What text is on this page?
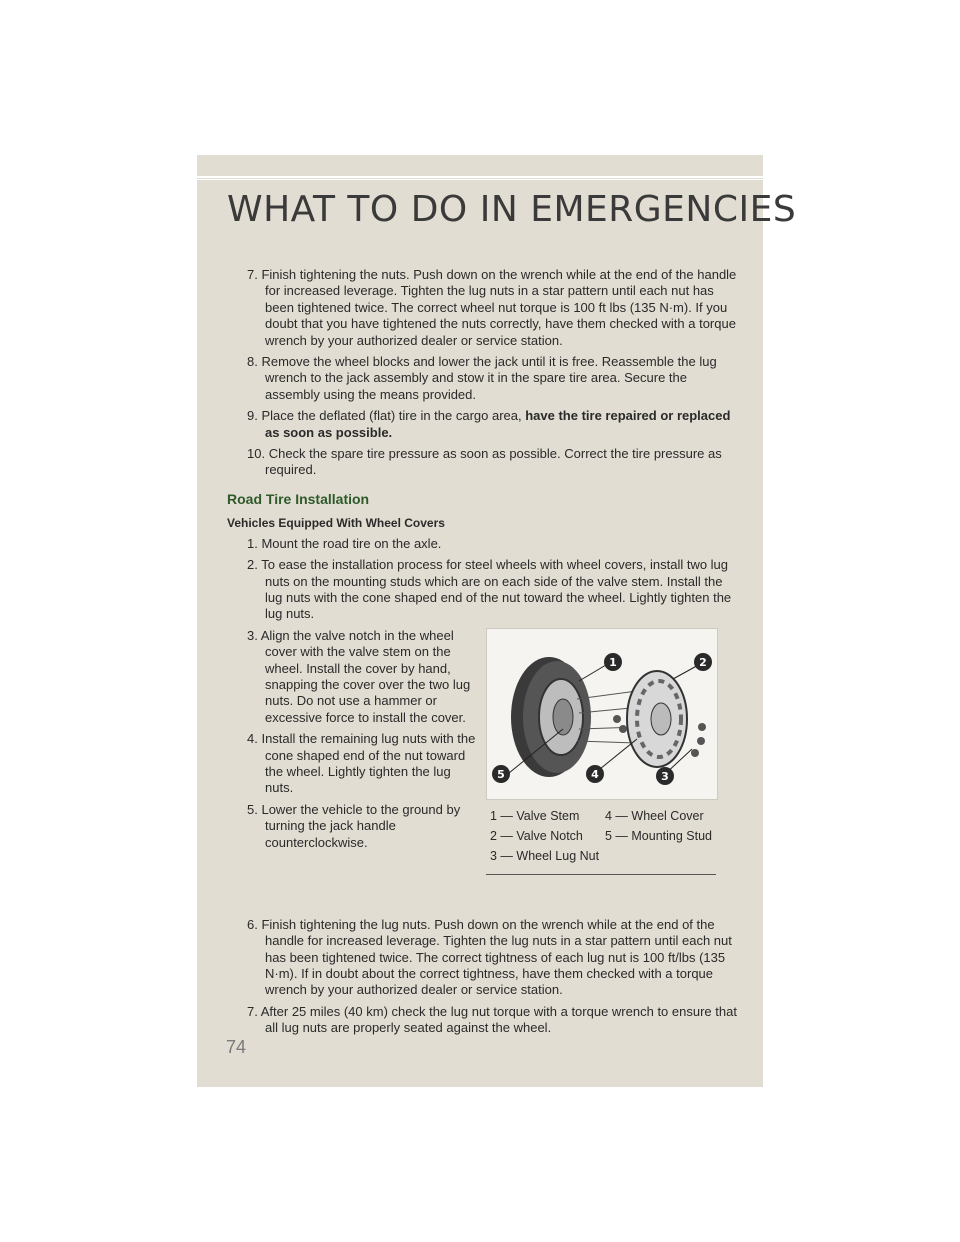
WHAT TO DO IN EMERGENCIES
7. Finish tightening the nuts. Push down on the wrench while at the end of the handle for increased leverage. Tighten the lug nuts in a star pattern until each nut has been tightened twice. The correct wheel nut torque is 100 ft lbs (135 N·m). If you doubt that you have tightened the nuts correctly, have them checked with a torque wrench by your authorized dealer or service station.
8. Remove the wheel blocks and lower the jack until it is free. Reassemble the lug wrench to the jack assembly and stow it in the spare tire area. Secure the assembly using the means provided.
9. Place the deflated (flat) tire in the cargo area, have the tire repaired or replaced as soon as possible.
10. Check the spare tire pressure as soon as possible. Correct the tire pressure as required.
Road Tire Installation
Vehicles Equipped With Wheel Covers
1. Mount the road tire on the axle.
2. To ease the installation process for steel wheels with wheel covers, install two lug nuts on the mounting studs which are on each side of the valve stem. Install the lug nuts with the cone shaped end of the nut toward the wheel. Lightly tighten the lug nuts.
3. Align the valve notch in the wheel cover with the valve stem on the wheel. Install the cover by hand, snapping the cover over the two lug nuts. Do not use a hammer or excessive force to install the cover.
4. Install the remaining lug nuts with the cone shaped end of the nut toward the wheel. Lightly tighten the lug nuts.
5. Lower the vehicle to the ground by turning the jack handle counterclockwise.
1	2
3
4
5
1 — Valve Stem	4 — Wheel Cover
2 — Valve Notch	5 — Mounting Stud
3 — Wheel Lug Nut	
6. Finish tightening the lug nuts. Push down on the wrench while at the end of the handle for increased leverage. Tighten the lug nuts in a star pattern until each nut has been tightened twice. The correct tightness of each lug nut is 100 ft/lbs (135 N·m). If in doubt about the correct tightness, have them checked with a torque wrench by your authorized dealer or service station.
7. After 25 miles (40 km) check the lug nut torque with a torque wrench to ensure that all lug nuts are properly seated against the wheel.
74
